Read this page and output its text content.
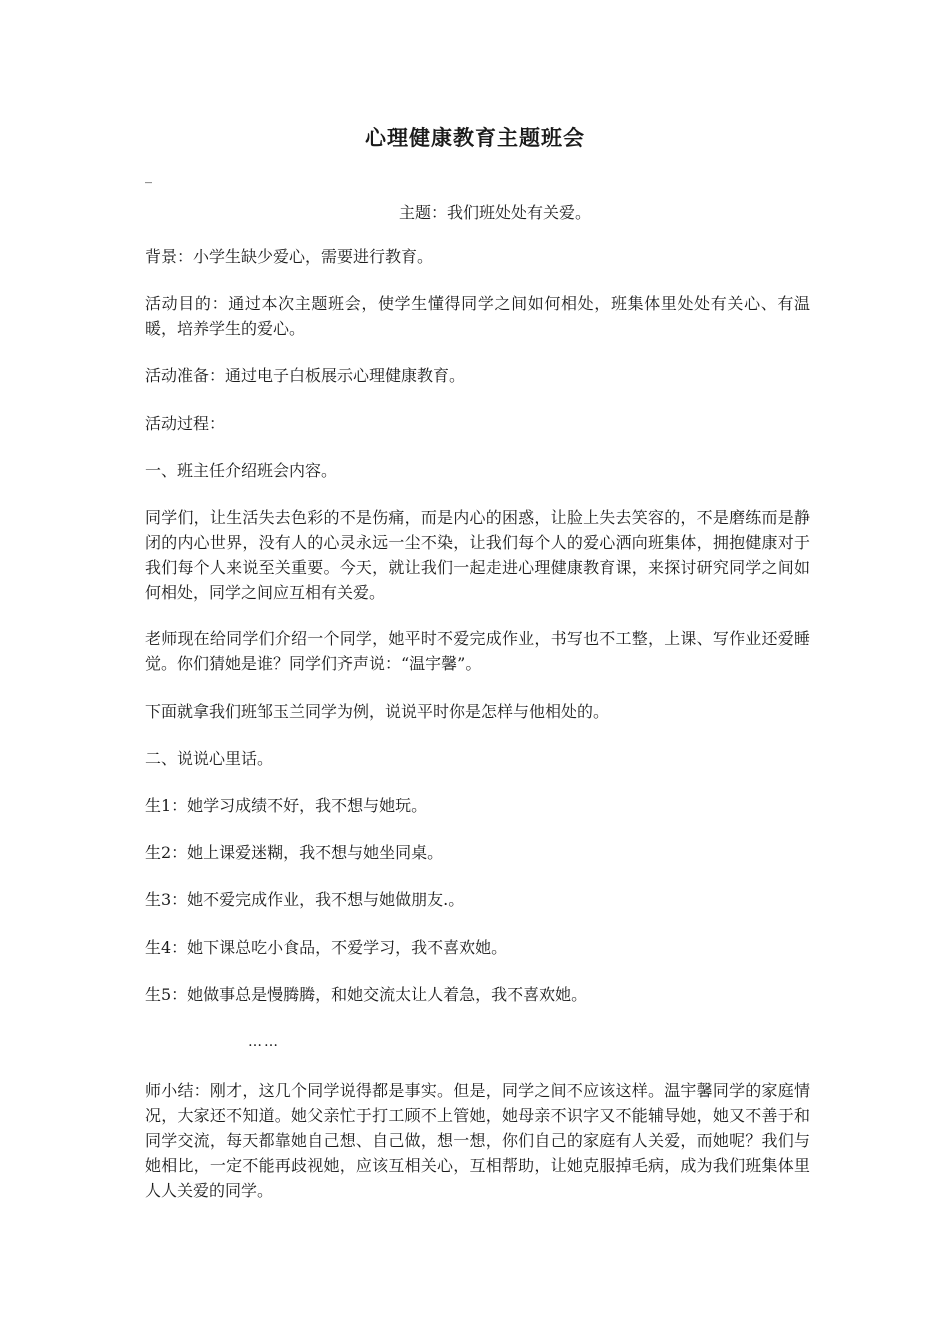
心理健康教育主题班会
_
主题：我们班处处有关爱。

背景：小学生缺少爱心，需要进行教育。

活动目的：通过本次主题班会，使学生懂得同学之间如何相处，班集体里处处有关心、有温暖，培养学生的爱心。

活动准备：通过电子白板展示心理健康教育。

活动过程：

一、班主任介绍班会内容。

同学们，让生活失去色彩的不是伤痛，而是内心的困惑，让脸上失去笑容的，不是磨练而是静闭的内心世界，没有人的心灵永远一尘不染，让我们每个人的爱心洒向班集体，拥抱健康对于我们每个人来说至关重要。今天，就让我们一起走进心理健康教育课，来探讨研究同学之间如何相处，同学之间应互相有关爱。

老师现在给同学们介绍一个同学，她平时不爱完成作业，书写也不工整，上课、写作业还爱睡觉。你们猜她是谁？同学们齐声说：“温宇馨”。

下面就拿我们班邹玉兰同学为例，说说平时你是怎样与他相处的。

二、说说心里话。

生1：她学习成绩不好，我不想与她玩。

生2：她上课爱迷糊，我不想与她坐同桌。

生3：她不爱完成作业，我不想与她做朋友.。

生4：她下课总吃小食品，不爱学习，我不喜欢她。

生5：她做事总是慢腾腾，和她交流太让人着急，我不喜欢她。

……

师小结：刚才，这几个同学说得都是事实。但是，同学之间不应该这样。温宇馨同学的家庭情况，大家还不知道。她父亲忙于打工顾不上管她，她母亲不识字又不能辅导她，她又不善于和同学交流，每天都靠她自己想、自己做，想一想，你们自己的家庭有人关爱，而她呢？我们与她相比，一定不能再歧视她，应该互相关心，互相帮助，让她克服掉毛病，成为我们班集体里人人关爱的同学。
